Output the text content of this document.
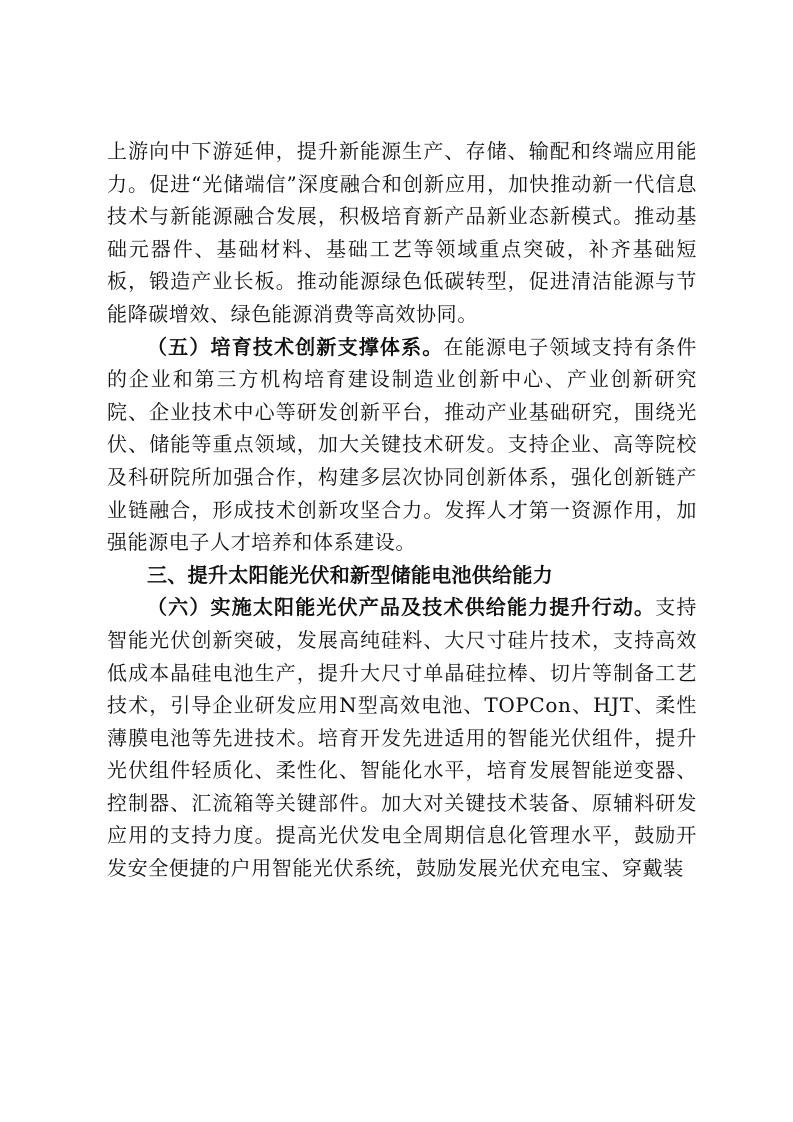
上游向中下游延伸，提升新能源生产、存储、输配和终端应用能力。促进“光储端信”深度融合和创新应用，加快推动新一代信息技术与新能源融合发展，积极培育新产品新业态新模式。推动基础元器件、基础材料、基础工艺等领域重点突破，补齐基础短板，锻造产业长板。推动能源绿色低碳转型，促进清洁能源与节能降碳增效、绿色能源消费等高效协同。

（五）培育技术创新支撑体系。在能源电子领域支持有条件的企业和第三方机构培育建设制造业创新中心、产业创新研究院、企业技术中心等研发创新平台，推动产业基础研究，围绕光伏、储能等重点领域，加大关键技术研发。支持企业、高等院校及科研院所加强合作，构建多层次协同创新体系，强化创新链产业链融合，形成技术创新攻坚合力。发挥人才第一资源作用，加强能源电子人才培养和体系建设。

三、提升太阳能光伏和新型储能电池供给能力

（六）实施太阳能光伏产品及技术供给能力提升行动。支持智能光伏创新突破，发展高纯硅料、大尺寸硅片技术，支持高效低成本晶硅电池生产，提升大尺寸单晶硅拉棒、切片等制备工艺技术，引导企业研发应用N型高效电池、TOPCon、HJT、柔性薄膜电池等先进技术。培育开发先进适用的智能光伏组件，提升光伏组件轻质化、柔性化、智能化水平，培育发展智能逆变器、控制器、汇流箱等关键部件。加大对关键技术装备、原辅料研发应用的支持力度。提高光伏发电全周期信息化管理水平，鼓励开发安全便捷的户用智能光伏系统，鼓励发展光伏充电宝、穿戴装
